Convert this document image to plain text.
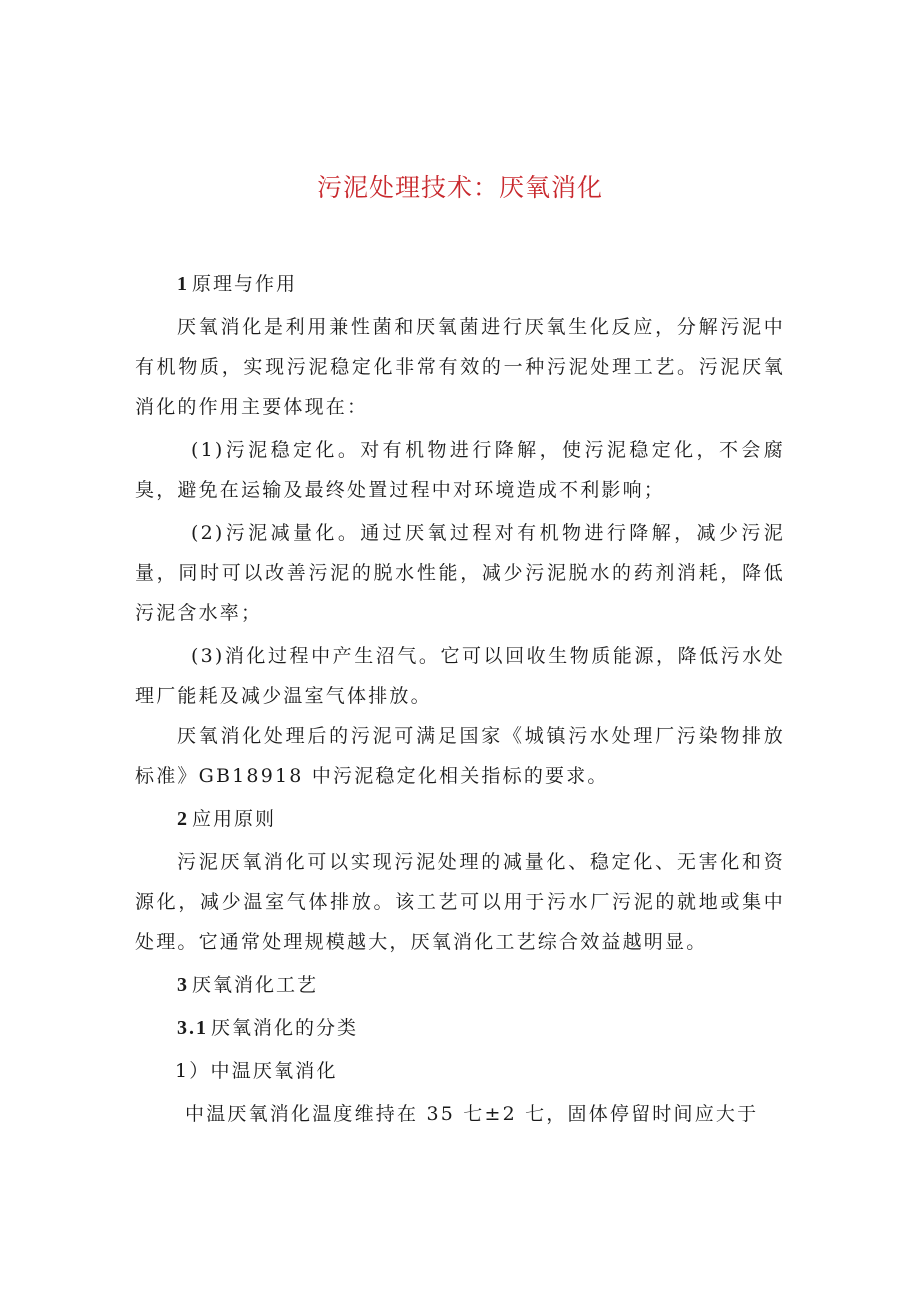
污泥处理技术：厌氧消化

1 原理与作用

厌氧消化是利用兼性菌和厌氧菌进行厌氧生化反应，分解污泥中有机物质，实现污泥稳定化非常有效的一种污泥处理工艺。污泥厌氧消化的作用主要体现在：

(1)污泥稳定化。对有机物进行降解，使污泥稳定化，不会腐臭，避免在运输及最终处置过程中对环境造成不利影响；

(2)污泥减量化。通过厌氧过程对有机物进行降解，减少污泥量，同时可以改善污泥的脱水性能，减少污泥脱水的药剂消耗，降低污泥含水率；

(3)消化过程中产生沼气。它可以回收生物质能源，降低污水处理厂能耗及减少温室气体排放。

厌氧消化处理后的污泥可满足国家《城镇污水处理厂污染物排放标准》GB18918 中污泥稳定化相关指标的要求。

2 应用原则

污泥厌氧消化可以实现污泥处理的减量化、稳定化、无害化和资源化，减少温室气体排放。该工艺可以用于污水厂污泥的就地或集中处理。它通常处理规模越大，厌氧消化工艺综合效益越明显。

3 厌氧消化工艺

3.1 厌氧消化的分类

1）中温厌氧消化

中温厌氧消化温度维持在 35 七±2 七，固体停留时间应大于
